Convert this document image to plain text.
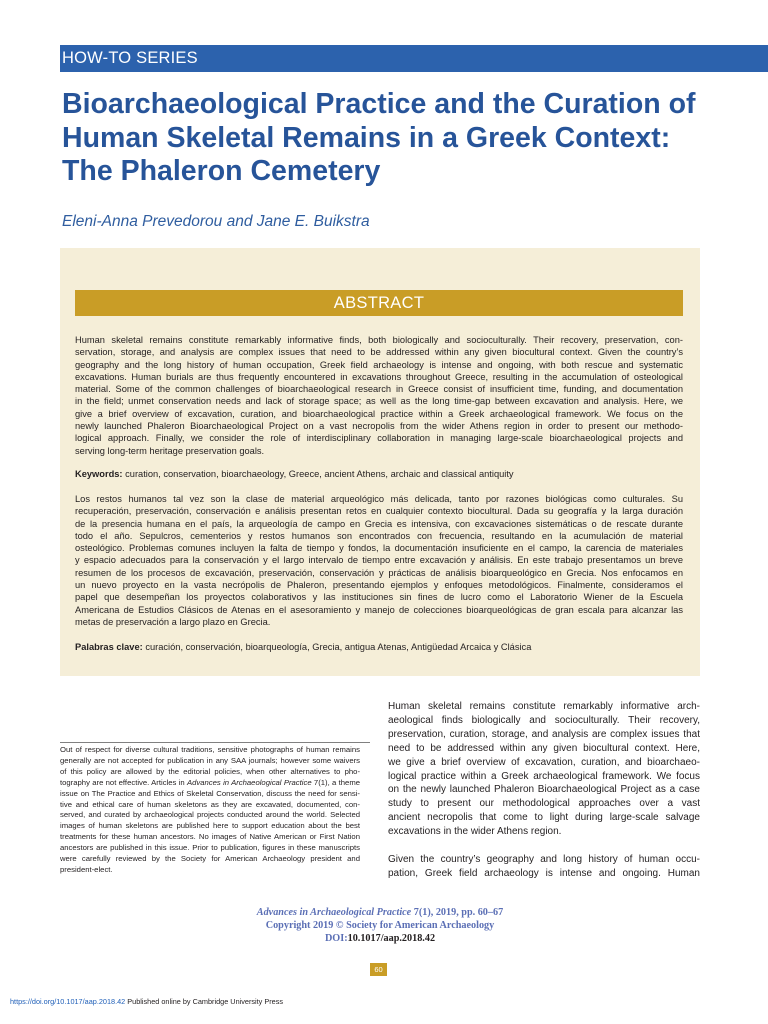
HOW-TO SERIES
Bioarchaeological Practice and the Curation of
Human Skeletal Remains in a Greek Context:
The Phaleron Cemetery
Eleni-Anna Prevedorou and Jane E. Buikstra
ABSTRACT
Human skeletal remains constitute remarkably informative finds, both biologically and socioculturally. Their recovery, preservation, con-
servation, storage, and analysis are complex issues that need to be addressed within any given biocultural context. Given the country’s
geography and the long history of human occupation, Greek field archaeology is intense and ongoing, with both rescue and systematic
excavations. Human burials are thus frequently encountered in excavations throughout Greece, resulting in the accumulation of osteological
material. Some of the common challenges of bioarchaeological research in Greece consist of insufficient time, funding, and documentation
in the field; unmet conservation needs and lack of storage space; as well as the long time-gap between excavation and analysis. Here, we
give a brief overview of excavation, curation, and bioarchaeological practice within a Greek archaeological framework. We focus on the
newly launched Phaleron Bioarchaeological Project on a vast necropolis from the wider Athens region in order to present our methodo-
logical approach. Finally, we consider the role of interdisciplinary collaboration in managing large-scale bioarchaeological projects and
serving long-term heritage preservation goals.
Keywords: curation, conservation, bioarchaeology, Greece, ancient Athens, archaic and classical antiquity
Los restos humanos tal vez son la clase de material arqueológico más delicada, tanto por razones biológicas como culturales. Su
recuperación, preservación, conservación e análisis presentan retos en cualquier contexto biocultural. Dada su geografía y la larga duración
de la presencia humana en el país, la arqueología de campo en Grecia es intensiva, con excavaciones sistemáticas o de rescate durante
todo el año. Sepulcros, cementerios y restos humanos son encontrados con frecuencia, resultando en la acumulación de material
osteológico. Problemas comunes incluyen la falta de tiempo y fondos, la documentación insuficiente en el campo, la carencia de materiales
y espacio adecuados para la conservación y el largo intervalo de tiempo entre excavación y análisis. En este trabajo presentamos un breve
resumen de los procesos de excavación, preservación, conservación y prácticas de análisis bioarqueológico en Grecia. Nos enfocamos en
un nuevo proyecto en la vasta necrópolis de Phaleron, presentando ejemplos y enfoques metodológicos. Finalmente, consideramos el
papel que desempeñan los proyectos colaborativos y las instituciones sin fines de lucro como el Laboratorio Wiener de la Escuela
Americana de Estudios Clásicos de Atenas en el asesoramiento y manejo de colecciones bioarqueológicas de gran escala para alcanzar las
metas de preservación a largo plazo en Grecia.
Palabras clave: curación, conservación, bioarqueología, Grecia, antigua Atenas, Antigüedad Arcaica y Clásica
Out of respect for diverse cultural traditions, sensitive photographs of human remains
generally are not accepted for publication in any SAA journals; however some waivers
of this policy are allowed by the editorial policies, when other alternatives to pho-
tography are not effective. Articles in Advances in Archaeological Practice 7(1), a theme
issue on The Practice and Ethics of Skeletal Conservation, discuss the need for sensi-
tive and ethical care of human skeletons as they are excavated, documented, con-
served, and curated by archaeological projects conducted around the world. Selected
images of human skeletons are published here to support education about the best
treatments for these human ancestors. No images of Native American or First Nation
ancestors are published in this issue. Prior to publication, figures in these manuscripts
were carefully reviewed by the Society for American Archaeology president and
president-elect.
Human skeletal remains constitute remarkably informative arch-
aeological finds biologically and socioculturally. Their recovery,
preservation, curation, storage, and analysis are complex issues that
need to be addressed within any given biocultural context. Here,
we give a brief overview of excavation, curation, and bioarchaeo-
logical practice within a Greek archaeological framework. We focus
on the newly launched Phaleron Bioarchaeological Project as a case
study to present our methodological approaches over a vast
ancient necropolis that come to light during large-scale salvage
excavations in the wider Athens region.
Given the country’s geography and long history of human occu-
pation, Greek field archaeology is intense and ongoing. Human
Advances in Archaeological Practice 7(1), 2019, pp. 60–67
Copyright 2019 © Society for American Archaeology
DOI:10.1017/aap.2018.42
60
https://doi.org/10.1017/aap.2018.42 Published online by Cambridge University Press
